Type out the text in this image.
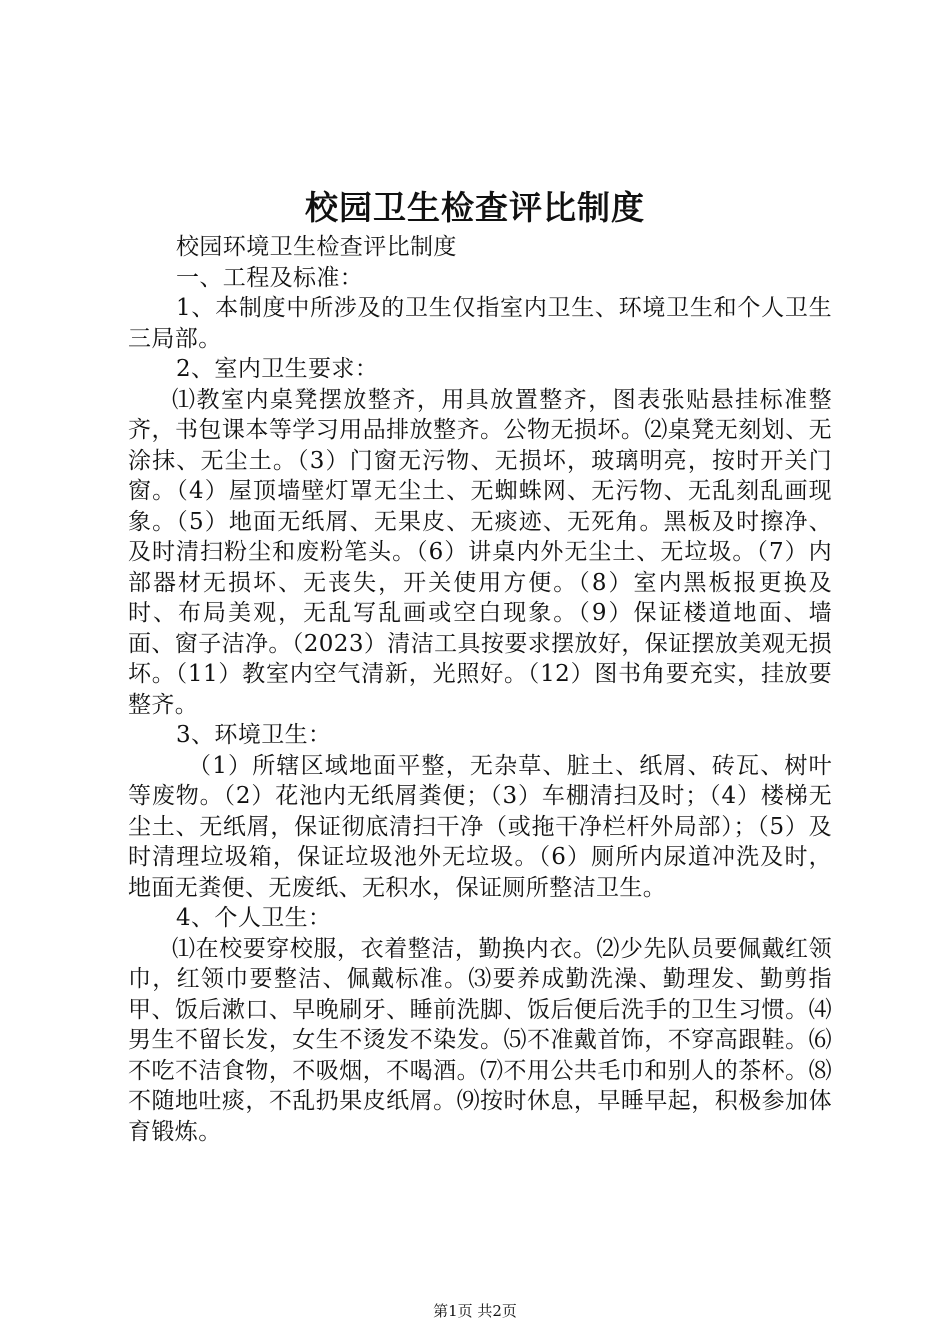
校园卫生检查评比制度

校园环境卫生检查评比制度

一、工程及标准：

1、本制度中所涉及的卫生仅指室内卫生、环境卫生和个人卫生三局部。

2、室内卫生要求：

⑴教室内桌凳摆放整齐，用具放置整齐，图表张贴悬挂标准整齐，书包课本等学习用品排放整齐。公物无损坏。⑵桌凳无刻划、无涂抹、无尘土。（3）门窗无污物、无损坏，玻璃明亮，按时开关门窗。（4）屋顶墙壁灯罩无尘土、无蜘蛛网、无污物、无乱刻乱画现象。（5）地面无纸屑、无果皮、无痰迹、无死角。黑板及时擦净、及时清扫粉尘和废粉笔头。（6）讲桌内外无尘土、无垃圾。（7）内部器材无损坏、无丧失，开关使用方便。（8）室内黑板报更换及时、布局美观，无乱写乱画或空白现象。（9）保证楼道地面、墙面、窗子洁净。（2023）清洁工具按要求摆放好，保证摆放美观无损坏。（11）教室内空气清新，光照好。（12）图书角要充实，挂放要整齐。

3、环境卫生：

（1）所辖区域地面平整，无杂草、脏土、纸屑、砖瓦、树叶等废物。（2）花池内无纸屑粪便；（3）车棚清扫及时；（4）楼梯无尘土、无纸屑，保证彻底清扫干净（或拖干净栏杆外局部）；（5）及时清理垃圾箱，保证垃圾池外无垃圾。（6）厕所内尿道冲洗及时，地面无粪便、无废纸、无积水，保证厕所整洁卫生。

4、个人卫生：

⑴在校要穿校服，衣着整洁，勤换内衣。⑵少先队员要佩戴红领巾，红领巾要整洁、佩戴标准。⑶要养成勤洗澡、勤理发、勤剪指甲、饭后漱口、早晚刷牙、睡前洗脚、饭后便后洗手的卫生习惯。⑷男生不留长发，女生不烫发不染发。⑸不准戴首饰，不穿高跟鞋。⑹不吃不洁食物，不吸烟，不喝酒。⑺不用公共毛巾和别人的茶杯。⑻不随地吐痰，不乱扔果皮纸屑。⑼按时休息，早睡早起，积极参加体育锻炼。

第1页 共2页
